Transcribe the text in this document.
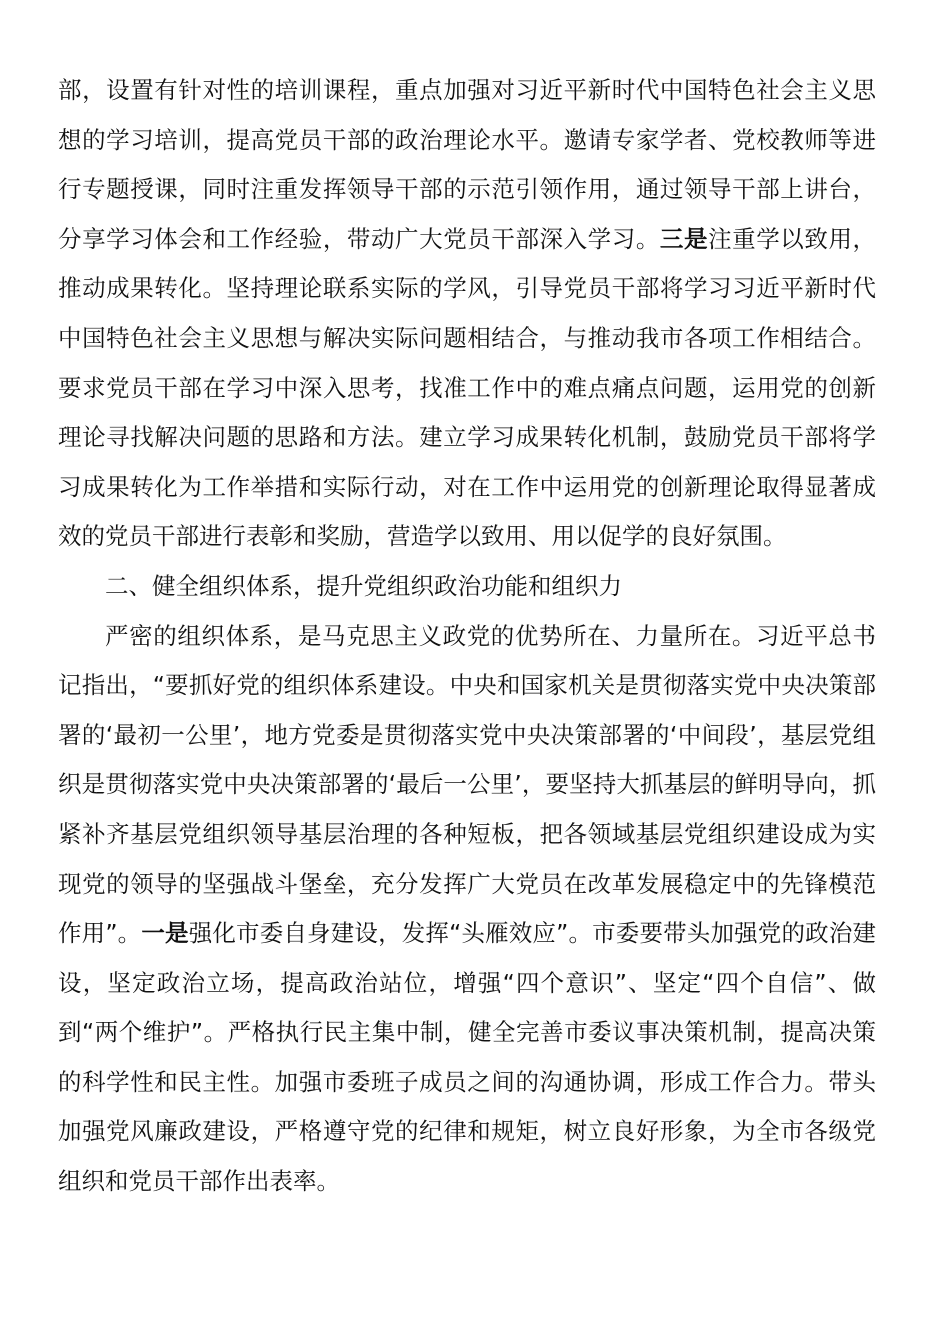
部，设置有针对性的培训课程，重点加强对习近平新时代中国特色社会主义思想的学习培训，提高党员干部的政治理论水平。邀请专家学者、党校教师等进行专题授课，同时注重发挥领导干部的示范引领作用，通过领导干部上讲台，分享学习体会和工作经验，带动广大党员干部深入学习。三是注重学以致用，推动成果转化。坚持理论联系实际的学风，引导党员干部将学习习近平新时代中国特色社会主义思想与解决实际问题相结合，与推动我市各项工作相结合。要求党员干部在学习中深入思考，找准工作中的难点痛点问题，运用党的创新理论寻找解决问题的思路和方法。建立学习成果转化机制，鼓励党员干部将学习成果转化为工作举措和实际行动，对在工作中运用党的创新理论取得显著成效的党员干部进行表彰和奖励，营造学以致用、用以促学的良好氛围。

二、健全组织体系，提升党组织政治功能和组织力

严密的组织体系，是马克思主义政党的优势所在、力量所在。习近平总书记指出，“要抓好党的组织体系建设。中央和国家机关是贯彻落实党中央决策部署的‘最初一公里’，地方党委是贯彻落实党中央决策部署的‘中间段’，基层党组织是贯彻落实党中央决策部署的‘最后一公里’，要坚持大抓基层的鲜明导向，抓紧补齐基层党组织领导基层治理的各种短板，把各领域基层党组织建设成为实现党的领导的坚强战斗堡垒，充分发挥广大党员在改革发展稳定中的先锋模范作用”。一是强化市委自身建设，发挥“头雁效应”。市委要带头加强党的政治建设，坚定政治立场，提高政治站位，增强“四个意识”、坚定“四个自信”、做到“两个维护”。严格执行民主集中制，健全完善市委议事决策机制，提高决策的科学性和民主性。加强市委班子成员之间的沟通协调，形成工作合力。带头加强党风廉政建设，严格遵守党的纪律和规矩，树立良好形象，为全市各级党组织和党员干部作出表率。
